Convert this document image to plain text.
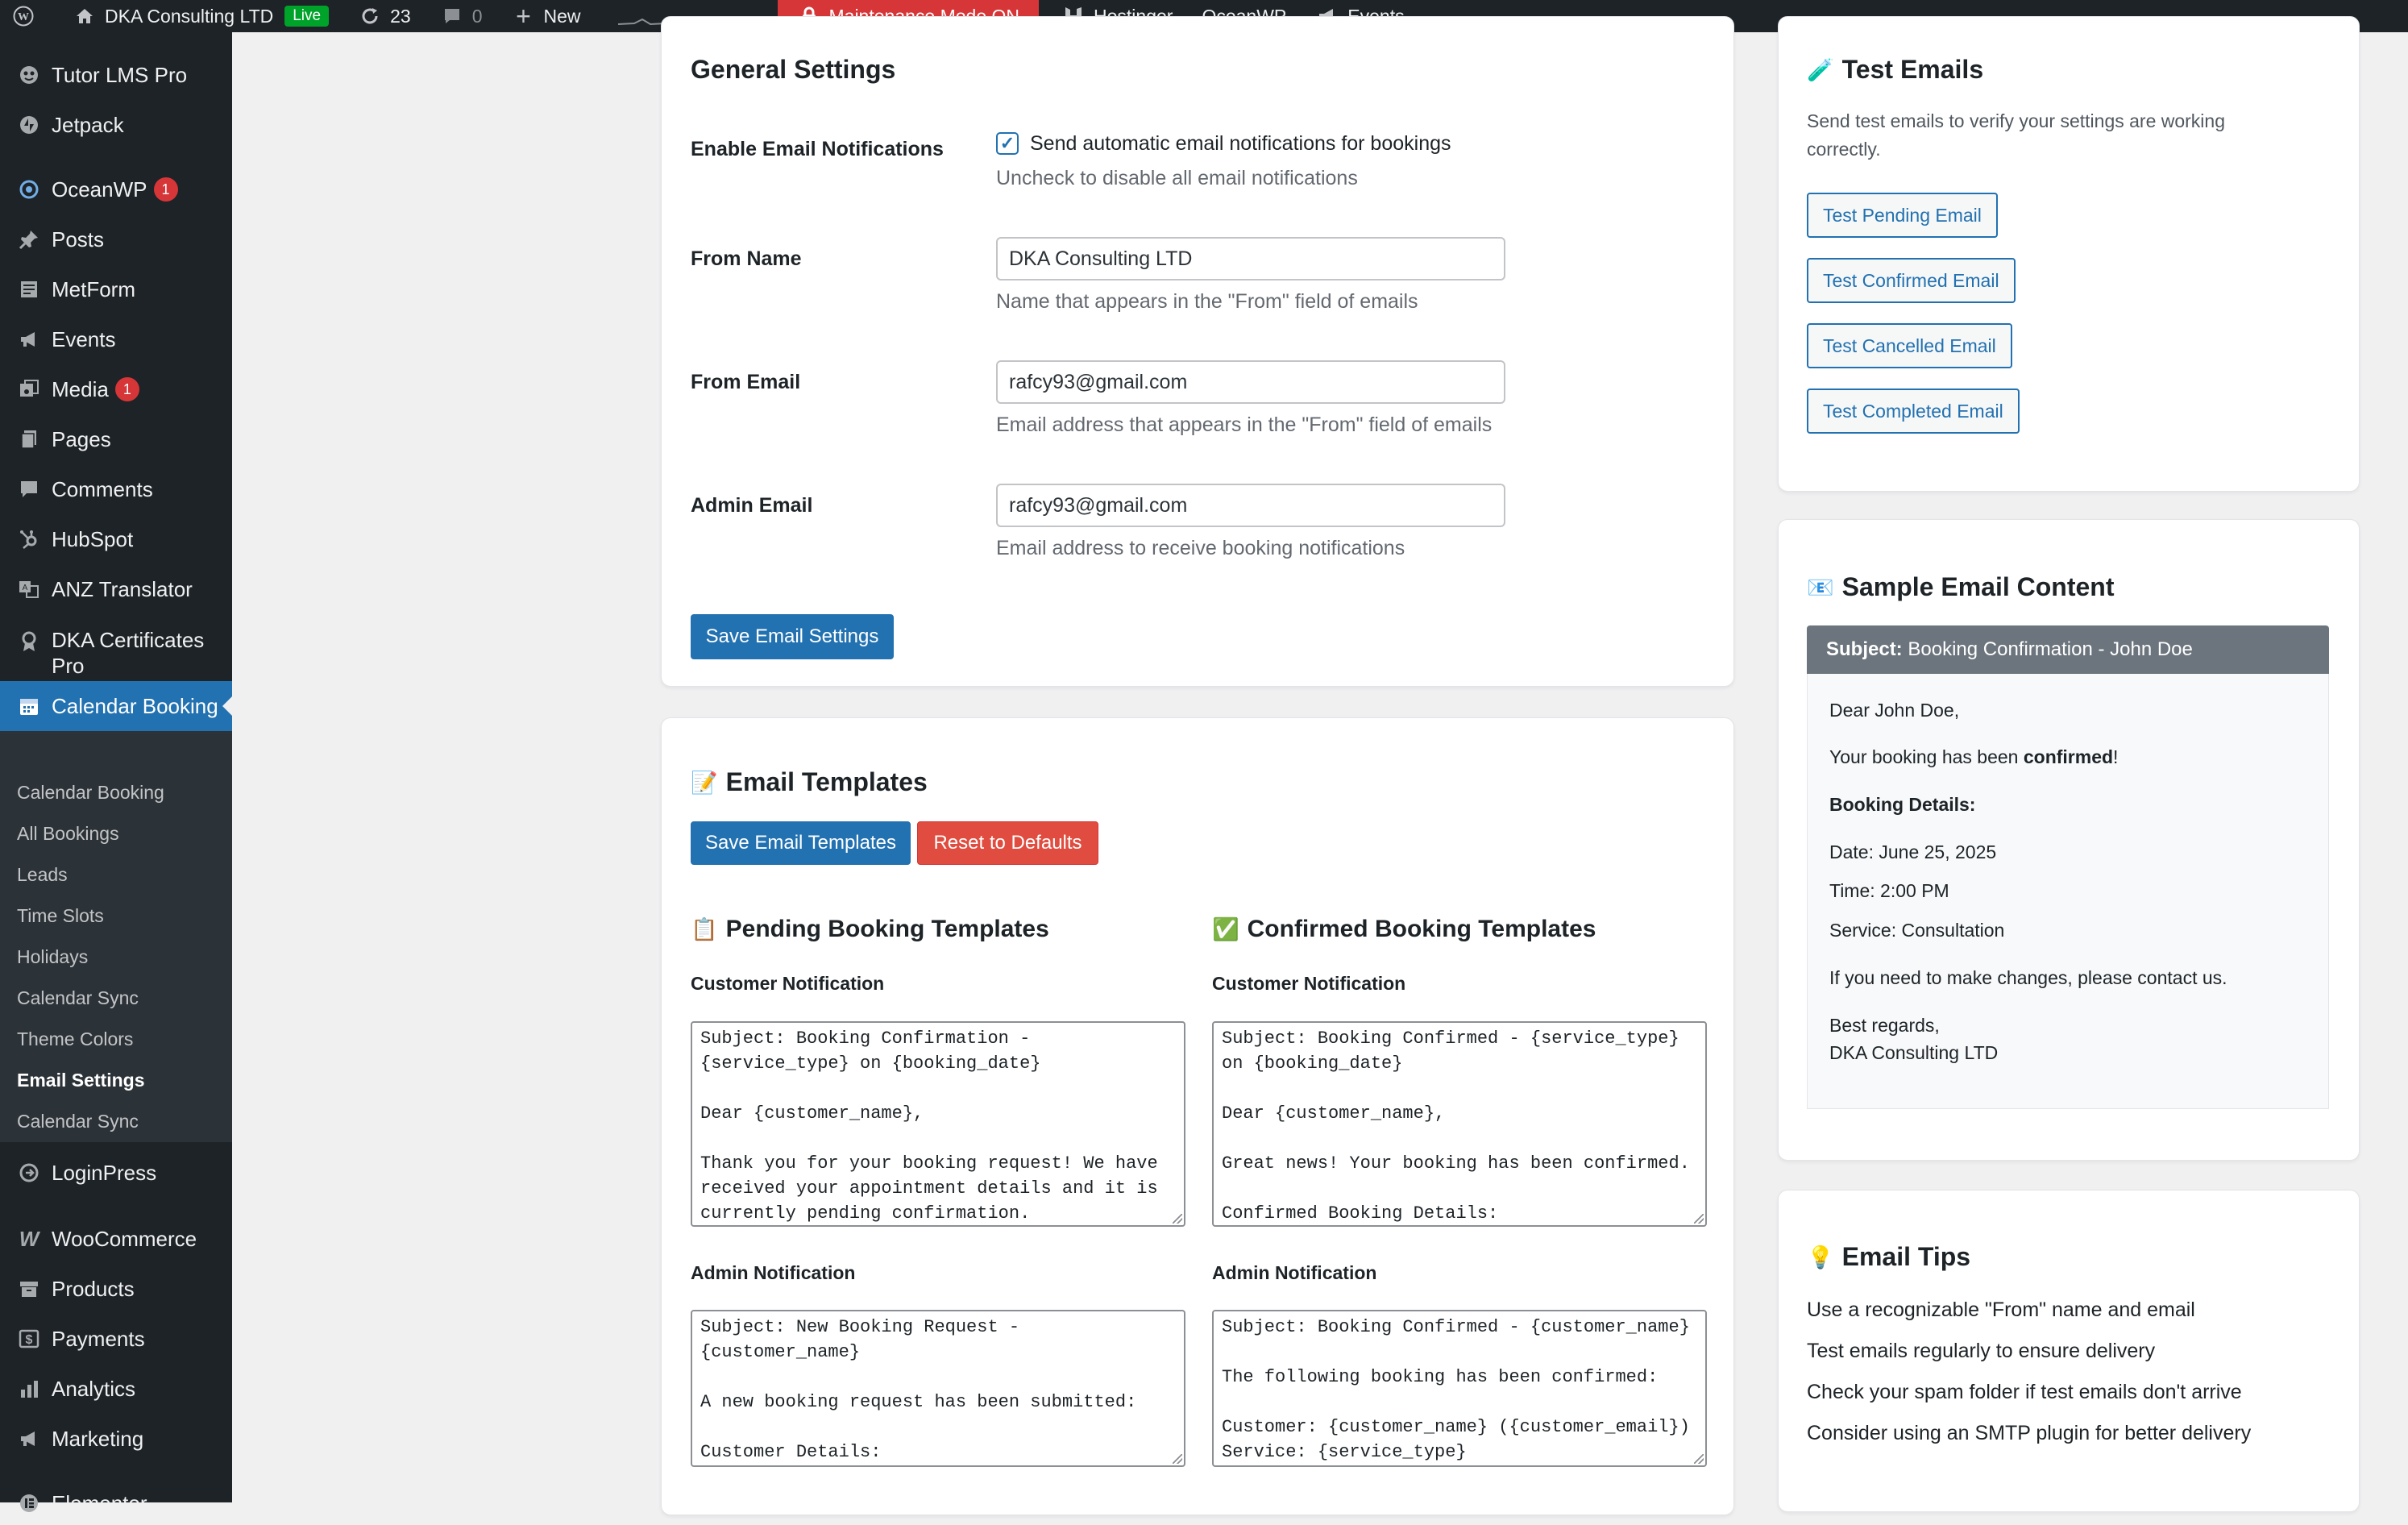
W	DKA Consulting LTD	Live	23	0 + New
Tutor LMS Pro
Jetpack
OceanWP 1
Posts
MetForm
Events
Media 1
Pages
Comments
HubSpot
A ANZ Translator
DKA Certificates Pro
Calendar Booking
Calendar Booking
All Bookings
Leads
Time Slots
Holidays
Calendar Sync
Theme Colors
Email Settings
Calendar Sync
LoginPress
W WooCommerce
Products
$ Payments
Analytics
Marketing
Elementor
General Settings
Enable Email Notifications	✓ Send automatic email notifications for bookings
Uncheck to disable all email notifications
From Name
DKA Consulting LTD
Name that appears in the "From" field of emails
From Email
rafcy93@gmail.com
Email address that appears in the "From" field of emails
Admin Email
rafcy93@gmail.com
Email address to receive booking notifications
Save Email Settings
📝 Email Templates
Save Email Templates	Reset to Defaults
📋 Pending Booking Templates	✅ Confirmed Booking Templates
Customer Notification	Customer Notification
Subject: Booking Confirmation -
{service_type} on {booking_date}

Dear {customer_name},

Thank you for your booking request! We have
received your appointment details and it is
currently pending confirmation.
Subject: Booking Confirmed - {service_type}
on {booking_date}

Dear {customer_name},

Great news! Your booking has been confirmed.

Confirmed Booking Details:
Admin Notification	Admin Notification
Subject: New Booking Request -
{customer_name}

A new booking request has been submitted:

Customer Details:
Subject: Booking Confirmed - {customer_name}

The following booking has been confirmed:

Customer: {customer_name} ({customer_email})
Service: {service_type}
🧪 Test Emails
Send test emails to verify your settings are working
correctly.
Test Pending Email
Test Confirmed Email
Test Cancelled Email
Test Completed Email
📧 Sample Email Content
Subject:
Booking Confirmation - John Doe
Dear John Doe,
Your booking has been confirmed!
Booking Details:
Date: June 25, 2025
Time: 2:00 PM
Service: Consultation
If you need to make changes, please contact us.
Best regards,
DKA Consulting LTD
💡 Email Tips
Use a recognizable "From" name and email
Test emails regularly to ensure delivery
Check your spam folder if test emails don't arrive
Consider using an SMTP plugin for better delivery
